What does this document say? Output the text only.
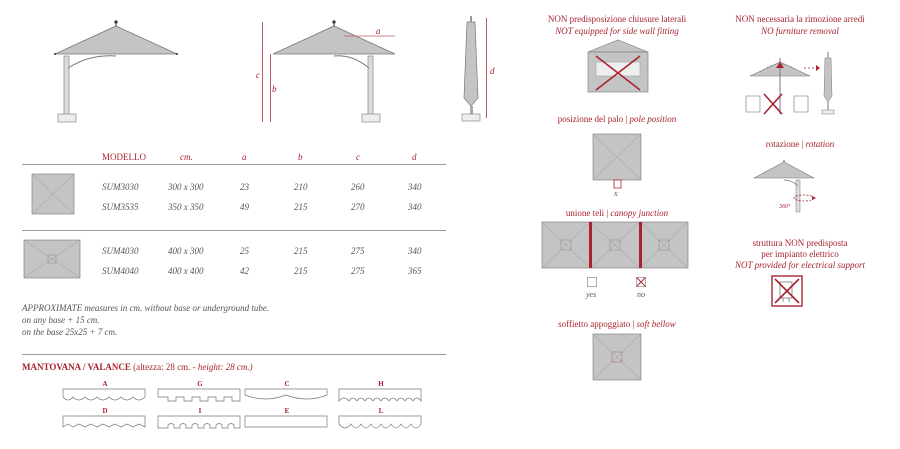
c
b
a
d
MODELLO	cm.	a	b	c	d
SUM3030	300 x 300	23	210	260	340
SUM3535	350 x 350	49	215	270	340
SUM4030	400 x 300	25	215	275	340
SUM4040	400 x 400	42	215	275	365
APPROXIMATE measures in cm. without base or underground tube.
on any base + 15 cm.
on the base 25x25 + 7 cm.
MANTOVANA / VALANCE (altezza: 28 cm. - height: 28 cm.)
A	G	C	H
D	I	E	L
NON predisposizione chiusure laterali
NOT equipped for side wall fitting
NON necessaria la rimozione arredi
NO furniture removal
posizione del palo | pole position
x
rotazione | rotation
360°
unione teli | canopy junction
yes	no
struttura NON predisposta
per impianto elettrico
NOT provided for electrical support
soffietto appoggiato | soft bellow
